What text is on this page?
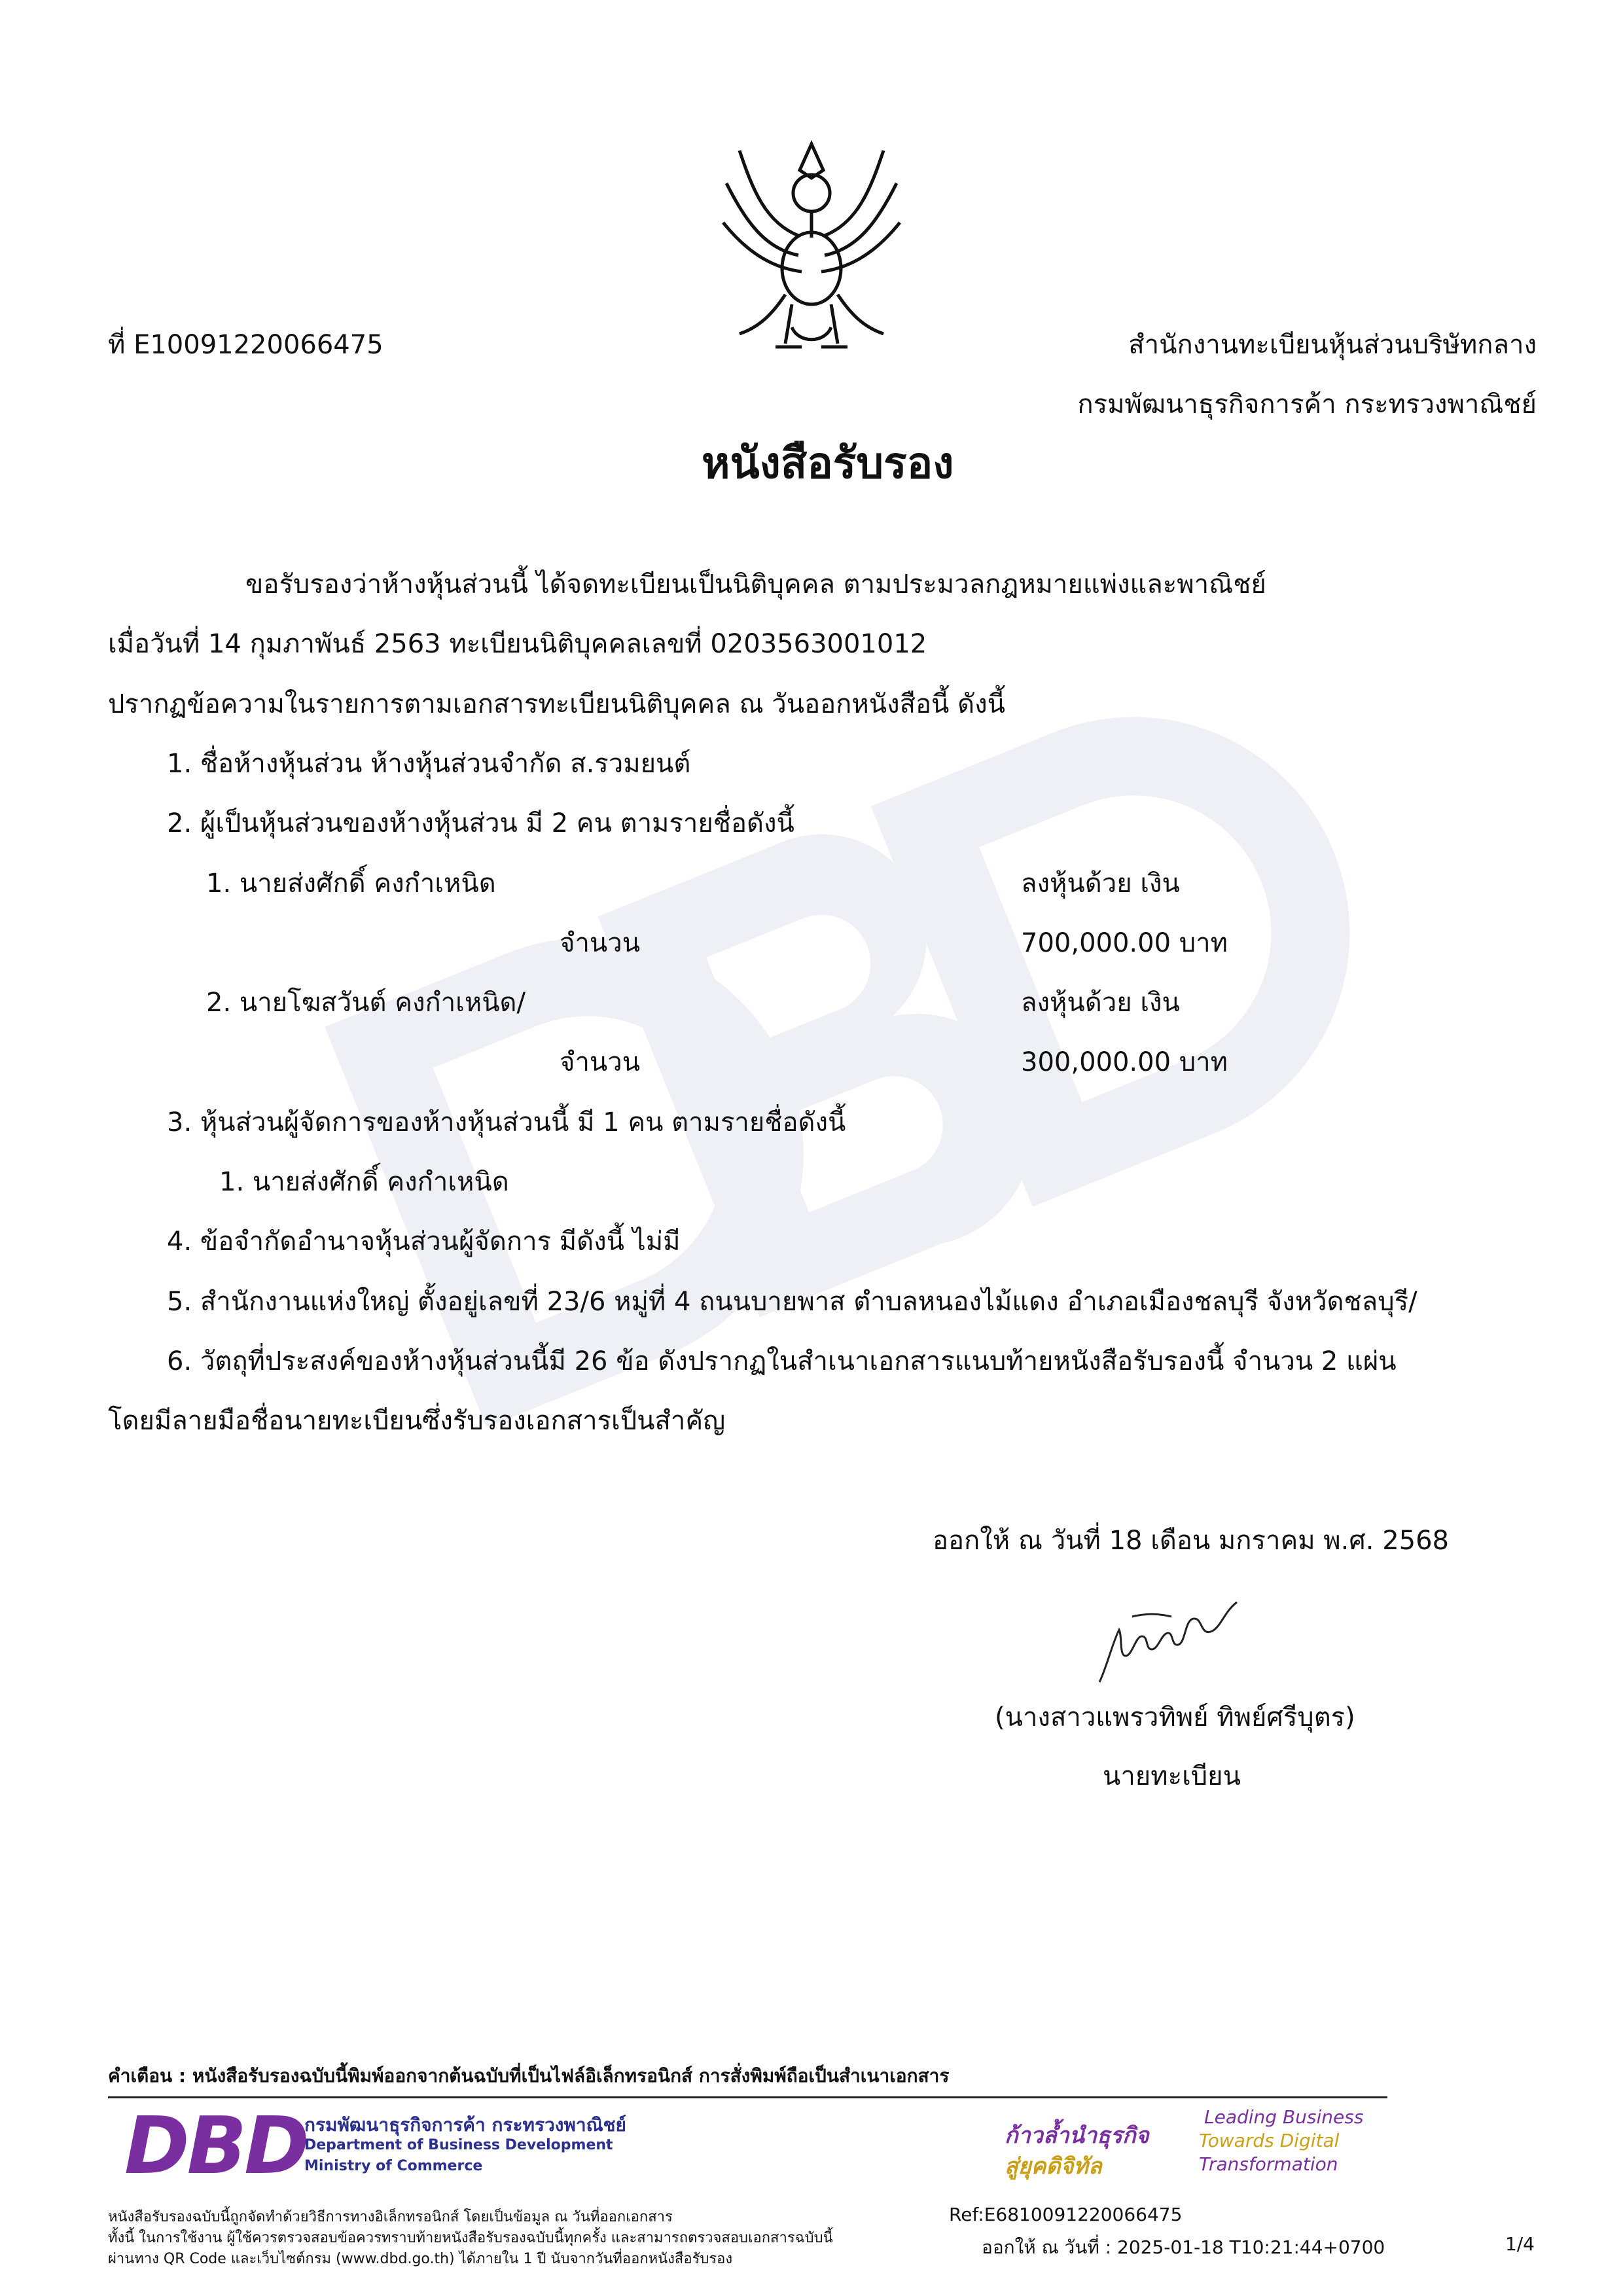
ที่ E10091220066475	สำนักงานทะเบียนหุ้นส่วนบริษัทกลาง
กรมพัฒนาธุรกิจการค้า กระทรวงพาณิชย์
หนังสือรับรอง
ขอรับรองว่าห้างหุ้นส่วนนี้ ได้จดทะเบียนเป็นนิติบุคคล ตามประมวลกฎหมายแพ่งและพาณิชย์
เมื่อวันที่ 14 กุมภาพันธ์ 2563 ทะเบียนนิติบุคคลเลขที่ 0203563001012
ปรากฏข้อความในรายการตามเอกสารทะเบียนนิติบุคคล ณ วันออกหนังสือนี้ ดังนี้
1. ชื่อห้างหุ้นส่วน ห้างหุ้นส่วนจำกัด ส.รวมยนต์
2. ผู้เป็นหุ้นส่วนของห้างหุ้นส่วน มี 2 คน ตามรายชื่อดังนี้
1. นายส่งศักดิ์ คงกำเหนิด	ลงหุ้นด้วย เงิน
จำนวน	700,000.00 บาท
2. นายโฆสวันต์ คงกำเหนิด/	ลงหุ้นด้วย เงิน
จำนวน	300,000.00 บาท
3. หุ้นส่วนผู้จัดการของห้างหุ้นส่วนนี้ มี 1 คน ตามรายชื่อดังนี้
1. นายส่งศักดิ์ คงกำเหนิด
4. ข้อจำกัดอำนาจหุ้นส่วนผู้จัดการ มีดังนี้ ไม่มี
5. สำนักงานแห่งใหญ่ ตั้งอยู่เลขที่ 23/6 หมู่ที่ 4 ถนนบายพาส ตำบลหนองไม้แดง อำเภอเมืองชลบุรี จังหวัดชลบุรี/
6. วัตถุที่ประสงค์ของห้างหุ้นส่วนนี้มี 26 ข้อ ดังปรากฏในสำเนาเอกสารแนบท้ายหนังสือรับรองนี้ จำนวน 2 แผ่น
โดยมีลายมือชื่อนายทะเบียนซึ่งรับรองเอกสารเป็นสำคัญ
ออกให้ ณ วันที่ 18 เดือน มกราคม พ.ศ. 2568
(นางสาวแพรวทิพย์ ทิพย์ศรีบุตร)
นายทะเบียน
คำเตือน : หนังสือรับรองฉบับนี้พิมพ์ออกจากต้นฉบับที่เป็นไฟล์อิเล็กทรอนิกส์ การสั่งพิมพ์ถือเป็นสำเนาเอกสาร
DBD
กรมพัฒนาธุรกิจการค้า กระทรวงพาณิชย์
Department of Business Development
Ministry of Commerce
ก้าวล้ำนำธุรกิจ
สู่ยุคดิจิทัล
Leading Business
Towards Digital
Transformation
หนังสือรับรองฉบับนี้ถูกจัดทำด้วยวิธีการทางอิเล็กทรอนิกส์ โดยเป็นข้อมูล ณ วันที่ออกเอกสาร
ทั้งนี้ ในการใช้งาน ผู้ใช้ควรตรวจสอบข้อควรทราบท้ายหนังสือรับรองฉบับนี้ทุกครั้ง และสามารถตรวจสอบเอกสารฉบับนี้
ผ่านทาง QR Code และเว็บไซต์กรม (www.dbd.go.th) ได้ภายใน 1 ปี นับจากวันที่ออกหนังสือรับรอง
Ref:E6810091220066475
ออกให้ ณ วันที่ : 2025-01-18 T10:21:44+0700	1/4
